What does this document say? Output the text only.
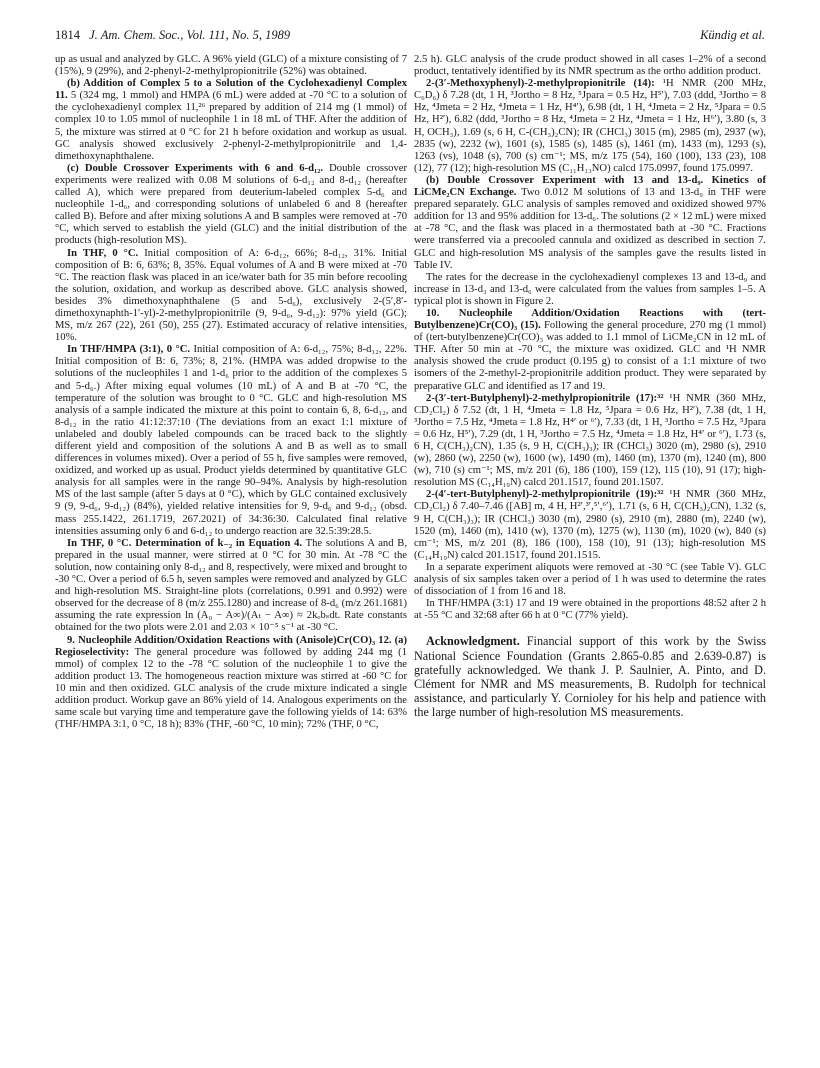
1814 J. Am. Chem. Soc., Vol. 111, No. 5, 1989	Kündig et al.

up as usual and analyzed by GLC. A 96% yield (GLC) of a mixture consisting of 7 (15%), 9 (29%), and 2-phenyl-2-methylpropionitrile (52%) was obtained.

(b) Addition of Complex 5 to a Solution of the Cyclohexadienyl Complex 11. 5 (324 mg, 1 mmol) and HMPA (6 mL) were added at -70 °C to a solution of the cyclohexadienyl complex 11,²⁶ prepared by addition of 214 mg (1 mmol) of complex 10 to 1.05 mmol of nucleophile 1 in 18 mL of THF. After the addition of 5, the mixture was stirred at 0 °C for 21 h before oxidation and workup as usual. GC analysis showed exclusively 2-phenyl-2-methylpropionitrile and 1,4-dimethoxynaphthalene.

(c) Double Crossover Experiments with 6 and 6-d₁₂. Double crossover experiments were realized with 0.08 M solutions of 6-d₁₂ and 8-d₁₂ (hereafter called A), which were prepared from deuterium-labeled complex 5-d₆ and nucleophile 1-d₆, and corresponding solutions of unlabeled 6 and 8 (hereafter called B). Before and after mixing solutions A and B samples were removed at -70 °C, which served to establish the yield (GLC) and the initial distribution of the products (high-resolution MS).

In THF, 0 °C. Initial composition of A: 6-d₁₂, 66%; 8-d₁₂, 31%. Initial composition of B: 6, 63%; 8, 35%. Equal volumes of A and B were mixed at -70 °C. The reaction flask was placed in an ice/water bath for 35 min before recooling the solution, oxidation, and workup as described above. GLC analysis showed, besides 3% dimethoxynaphthalene (5 and 5-d₆), exclusively 2-(5′,8′-dimethoxynaphth-1′-yl)-2-methylpropionitrile (9, 9-d₆, 9-d₁₂): 97% yield (GC); MS, m/z 267 (22), 261 (50), 255 (27). Estimated accuracy of relative intensities, 10%.

In THF/HMPA (3:1), 0 °C. Initial composition of A: 6-d₁₂, 75%; 8-d₁₂, 22%. Initial composition of B: 6, 73%; 8, 21%. (HMPA was added dropwise to the solutions of the nucleophiles 1 and 1-d₆ prior to the addition of the complexes 5 and 5-d₆.) After mixing equal volumes (10 mL) of A and B at -70 °C, the temperature of the solution was brought to 0 °C. GLC and high-resolution MS analysis of a sample indicated the mixture at this point to contain 6, 8, 6-d₁₂, and 8-d₁₂ in the ratio 41:12:37:10 (The deviations from an exact 1:1 mixture of unlabeled and doubly labeled compounds can be traced back to the slightly different yield and composition of the solutions A and B as well as to small differences in volumes mixed). Over a period of 55 h, five samples were removed, oxidized, and worked up as usual. Product yields determined by quantitative GLC analysis for all samples were in the range 90–94%. Analysis by high-resolution MS of the last sample (after 5 days at 0 °C), which by GLC contained exclusively 9 (9, 9-d₆, 9-d₁₂) (84%), yielded relative intensities for 9, 9-d₆ and 9-d₁₂ (obsd. mass 255.1422, 261.1719, 267.2021) of 34:36:30. Calculated final relative intensities assuming only 6 and 6-d₁₂ to undergo reaction are 32.5:39:28.5.

In THF, 0 °C. Determination of k₋₂ in Equation 4. The solutions A and B, prepared in the usual manner, were stirred at 0 °C for 30 min. At -78 °C the solution, now containing only 8-d₁₂ and 8, respectively, were mixed and brought to -30 °C. Over a period of 6.5 h, seven samples were removed and analyzed by GLC and high-resolution MS. Straight-line plots (correlations, 0.991 and 0.992) were observed for the decrease of 8 (m/z 255.1280) and increase of 8-d₆ (m/z 261.1681) assuming the rate expression ln (A₀ − A∞)/(Aₜ − A∞) ≈ 2kₒbₛdt. Rate constants obtained for the two plots were 2.01 and 2.03 × 10⁻⁵ s⁻¹ at -30 °C.

9. Nucleophile Addition/Oxidation Reactions with (Anisole)Cr(CO)₃ 12. (a) Regioselectivity: The general procedure was followed by adding 244 mg (1 mmol) of complex 12 to the -78 °C solution of the nucleophile 1 to give the addition product 13. The homogeneous reaction mixture was stirred at -60 °C for 10 min and then oxidized. GLC analysis of the crude mixture indicated a single addition product. Workup gave an 86% yield of 14. Analogous experiments on the same scale but varying time and temperature gave the following yields of 14: 63% (THF/HMPA 3:1, 0 °C, 18 h); 83% (THF, -60 °C, 10 min); 72% (THF, 0 °C,

2.5 h). GLC analysis of the crude product showed in all cases 1–2% of a second product, tentatively identified by its NMR spectrum as the ortho addition product.

2-(3′-Methoxyphenyl)-2-methylpropionitrile (14): ¹H NMR (200 MHz, C₆D₆) δ 7.28 (dt, 1 H, ³Jortho = 8 Hz, ⁵Jpara = 0.5 Hz, H⁵′), 7.03 (ddd, ³Jortho = 8 Hz, ⁴Jmeta = 2 Hz, ⁴Jmeta = 1 Hz, H⁴′), 6.98 (dt, 1 H, ⁴Jmeta = 2 Hz, ⁵Jpara = 0.5 Hz, H²′), 6.82 (ddd, ³Jortho = 8 Hz, ⁴Jmeta = 2 Hz, ⁴Jmeta = 1 Hz, H⁶′), 3.80 (s, 3 H, OCH₃), 1.69 (s, 6 H, C-(CH₃)₂CN); IR (CHCl₃) 3015 (m), 2985 (m), 2937 (w), 2835 (w), 2232 (w), 1601 (s), 1585 (s), 1485 (s), 1461 (m), 1433 (m), 1293 (s), 1263 (vs), 1048 (s), 700 (s) cm⁻¹; MS, m/z 175 (54), 160 (100), 133 (23), 108 (12), 77 (12); high-resolution MS (C₁₁H₁₃NO) calcd 175.0997, found 175.0997.

(b) Double Crossover Experiment with 13 and 13-d₉. Kinetics of LiCMe₂CN Exchange. Two 0.012 M solutions of 13 and 13-d₉ in THF were prepared separately. GLC analysis of samples removed and oxidized showed 97% addition for 13 and 95% addition for 13-d₆. The solutions (2 × 12 mL) were mixed at -78 °C, and the flask was placed in a thermostated bath at -30 °C. Fractions were transferred via a precooled cannula and oxidized as described in section 7. GLC and high-resolution MS analysis of the samples gave the results listed in Table IV.

The rates for the decrease in the cyclohexadienyl complexes 13 and 13-d₉ and increase in 13-d₃ and 13-d₆ were calculated from the values from samples 1–5. A typical plot is shown in Figure 2.

10. Nucleophile Addition/Oxidation Reactions with (tert-Butylbenzene)Cr(CO)₃ (15). Following the general procedure, 270 mg (1 mmol) of (tert-butylbenzene)Cr(CO)₃ was added to 1.1 mmol of LiCMe₂CN in 12 mL of THF. After 50 min at -70 °C, the mixture was oxidized. GLC and ¹H NMR analysis showed the crude product (0.195 g) to consist of a 1:1 mixture of two isomers of the 2-methyl-2-propionitrile addition product. They were separated by preparative GLC and identified as 17 and 19.

2-(3′-tert-Butylphenyl)-2-methylpropionitrile (17):³² ¹H NMR (360 MHz, CD₂Cl₂) δ 7.52 (dt, 1 H, ⁴Jmeta = 1.8 Hz, ⁵Jpara = 0.6 Hz, H²′), 7.38 (dt, 1 H, ³Jortho = 7.5 Hz, ⁴Jmeta = 1.8 Hz, H⁴′ or ⁶′), 7.33 (dt, 1 H, ³Jortho = 7.5 Hz, ⁵Jpara = 0.6 Hz, H⁵′), 7.29 (dt, 1 H, ³Jortho = 7.5 Hz, ⁴Jmeta = 1.8 Hz, H⁴′ or ⁶′), 1.73 (s, 6 H, C(CH₃)₂CN), 1.35 (s, 9 H, C(CH₃)₃); IR (CHCl₃) 3020 (m), 2980 (s), 2910 (w), 2860 (w), 2250 (w), 1600 (w), 1490 (m), 1460 (m), 1370 (m), 1240 (m), 800 (w), 710 (s) cm⁻¹; MS, m/z 201 (6), 186 (100), 159 (12), 115 (10), 91 (17); high-resolution MS (C₁₄H₁₉N) calcd 201.1517, found 201.1507.

2-(4′-tert-Butylphenyl)-2-methylpropionitrile (19):³² ¹H NMR (360 MHz, CD₂Cl₂) δ 7.40–7.46 ([AB] m, 4 H, H²′,³′,⁵′,⁶′), 1.71 (s, 6 H, C(CH₃)₂CN), 1.32 (s, 9 H, C(CH₃)₃); IR (CHCl₃) 3030 (m), 2980 (s), 2910 (m), 2880 (m), 2240 (w), 1520 (m), 1460 (m), 1410 (w), 1370 (m), 1275 (w), 1130 (m), 1020 (w), 840 (s) cm⁻¹; MS, m/z 201 (8), 186 (100), 158 (10), 91 (13); high-resolution MS (C₁₄H₁₉N) calcd 201.1517, found 201.1515.

In a separate experiment aliquots were removed at -30 °C (see Table V). GLC analysis of six samples taken over a period of 1 h was used to determine the rates of dissociation of 1 from 16 and 18.

In THF/HMPA (3:1) 17 and 19 were obtained in the proportions 48:52 after 2 h at -55 °C and 32:68 after 66 h at 0 °C (77% yield).

Acknowledgment. Financial support of this work by the Swiss National Science Foundation (Grants 2.865-0.85 and 2.639-0.87) is gratefully acknowledged. We thank J. P. Saulnier, A. Pinto, and D. Clément for NMR and MS measurements, B. Rudolph for technical assistance, and particularly Y. Cornioley for his help and patience with the large number of high-resolution MS measurements.
